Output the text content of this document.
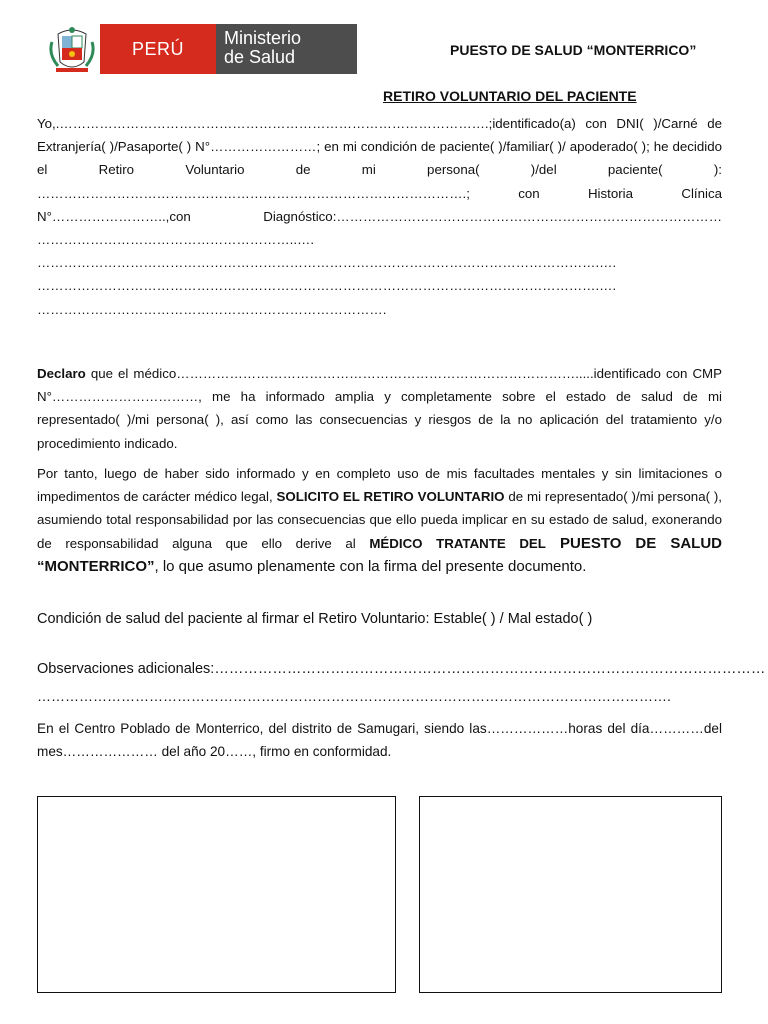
PERÚ
Ministerio
de Salud	PUESTO DE SALUD “MONTERRICO”
RETIRO VOLUNTARIO DEL PACIENTE

Yo,.…………………………………………………………………………………….;identificado(a) con DNI( )/Carné de Extranjería( )/Pasaporte( ) N°……………………; en mi condición de paciente( )/familiar( )/ apoderado( ); he decidido el Retiro Voluntario de mi persona( )/del paciente( ): …………………………………………………………………………………….; con Historia Clínica N°……………………..,con Diagnóstico:…………………………………………………………………………… …………………………………………………..…. ……………………………………………………………………………………………………………….…. ……………………………………………………………………………………………………………….…. …………………………………………………………………….

Declaro que el médico……………………………………………………………………………….....identificado con CMP N°……………………………, me ha informado amplia y completamente sobre el estado de salud de mi representado( )/mi persona( ), así como las consecuencias y riesgos de la no aplicación del tratamiento y/o procedimiento indicado.

Por tanto, luego de haber sido informado y en completo uso de mis facultades mentales y sin limitaciones o impedimentos de carácter médico legal, SOLICITO EL RETIRO VOLUNTARIO de mi representado( )/mi persona( ), asumiendo total responsabilidad por las consecuencias que ello pueda implicar en su estado de salud, exonerando de responsabilidad alguna que ello derive al MÉDICO TRATANTE DEL PUESTO DE SALUD “MONTERRICO”, lo que asumo plenamente con la firma del presente documento.

Condición de salud del paciente al firmar el Retiro Voluntario: Estable( ) / Mal estado( )
Observaciones adicionales:……………………………………………………………………………………………………
……………………………………………………………………………………………………………………….

En el Centro Poblado de Monterrico, del distrito de Samugari, siendo las………………horas del día…………del mes………………… del año 20……, firmo en conformidad.
